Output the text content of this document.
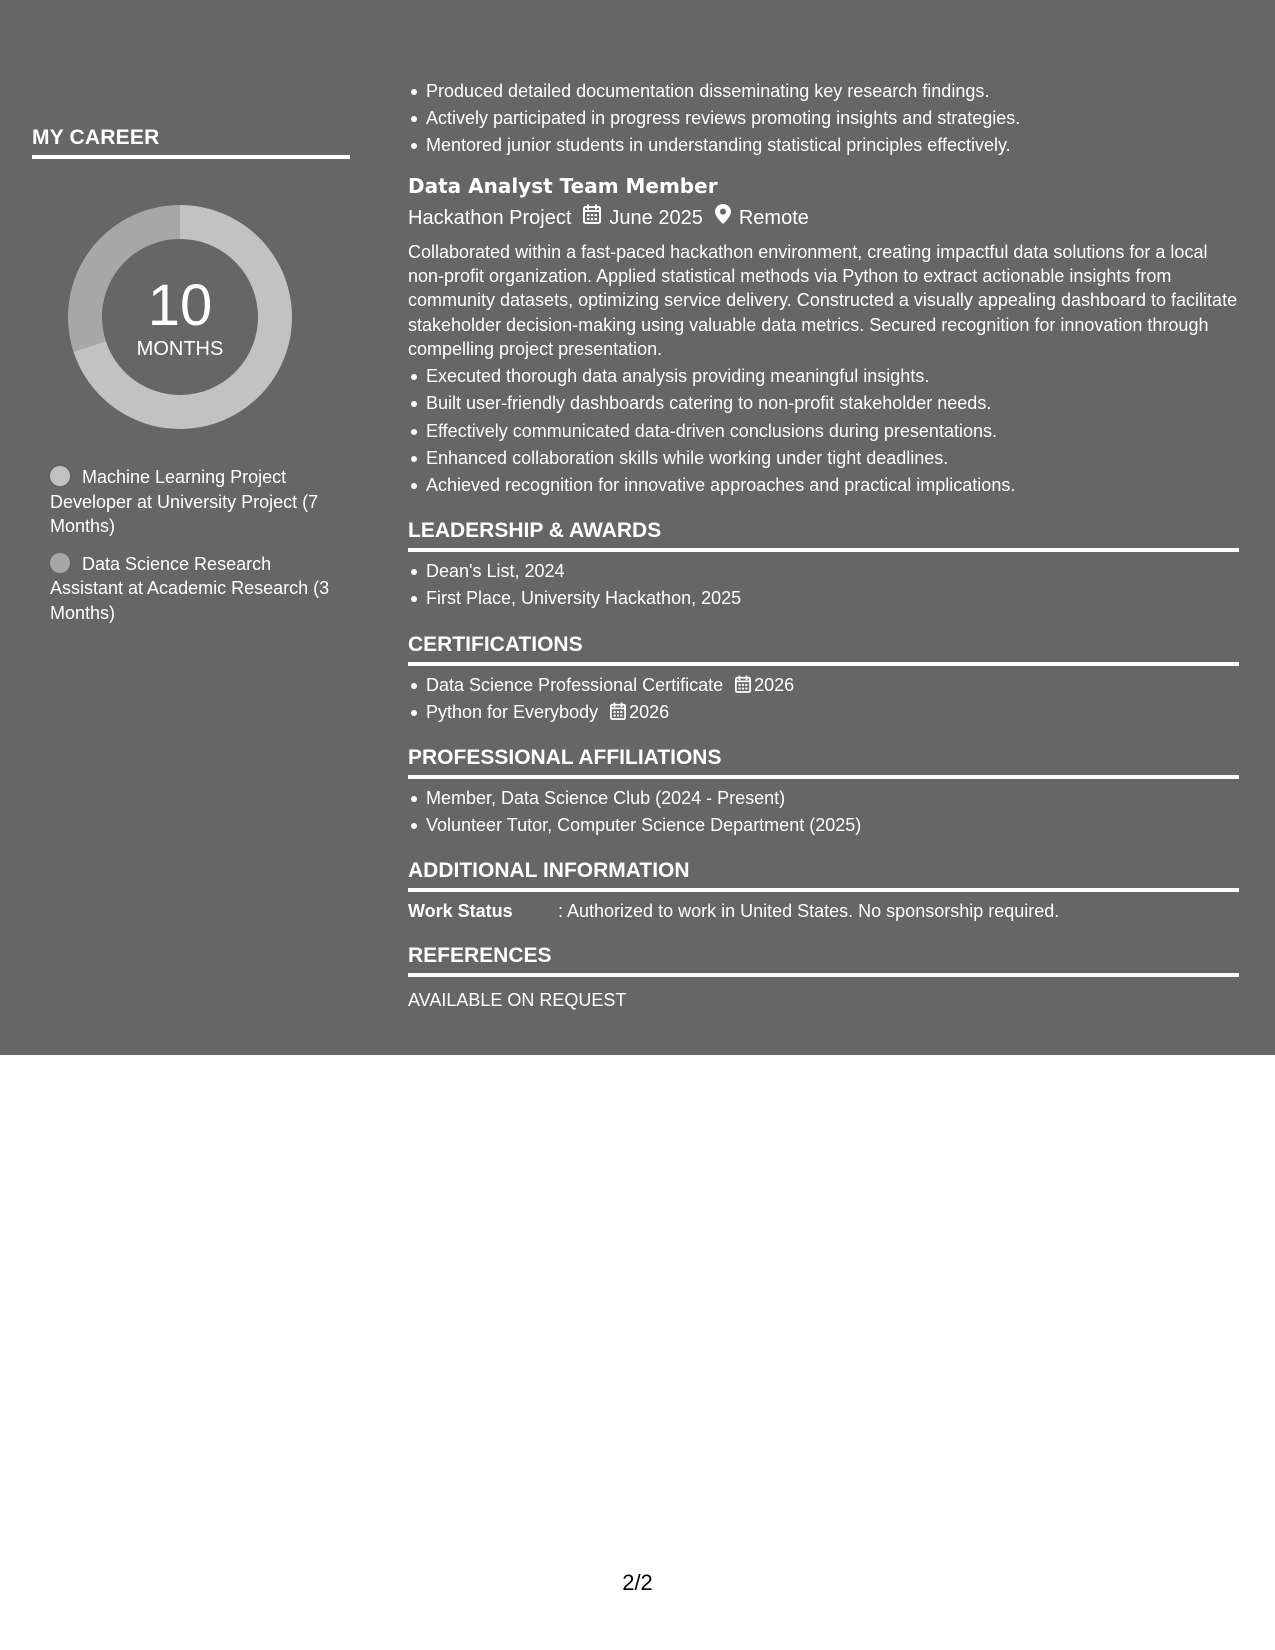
MY CAREER
10
MONTHS
Machine Learning Project Developer at University Project (7 Months)
Data Science Research Assistant at Academic Research (3 Months)
Produced detailed documentation disseminating key research findings.
Actively participated in progress reviews promoting insights and strategies.
Mentored junior students in understanding statistical principles effectively.
Data Analyst Team Member
Hackathon Project June 2025 Remote
Collaborated within a fast-paced hackathon environment, creating impactful data solutions for a local non-profit organization. Applied statistical methods via Python to extract actionable insights from community datasets, optimizing service delivery. Constructed a visually appealing dashboard to facilitate stakeholder decision-making using valuable data metrics. Secured recognition for innovation through compelling project presentation.
Executed thorough data analysis providing meaningful insights.
Built user-friendly dashboards catering to non-profit stakeholder needs.
Effectively communicated data-driven conclusions during presentations.
Enhanced collaboration skills while working under tight deadlines.
Achieved recognition for innovative approaches and practical implications.
LEADERSHIP & AWARDS
Dean's List, 2024
First Place, University Hackathon, 2025
CERTIFICATIONS
Data Science Professional Certificate 2026
Python for Everybody 2026
PROFESSIONAL AFFILIATIONS
Member, Data Science Club (2024 - Present)
Volunteer Tutor, Computer Science Department (2025)
ADDITIONAL INFORMATION
Work Status	: Authorized to work in United States. No sponsorship required.
REFERENCES
AVAILABLE ON REQUEST
2/2
